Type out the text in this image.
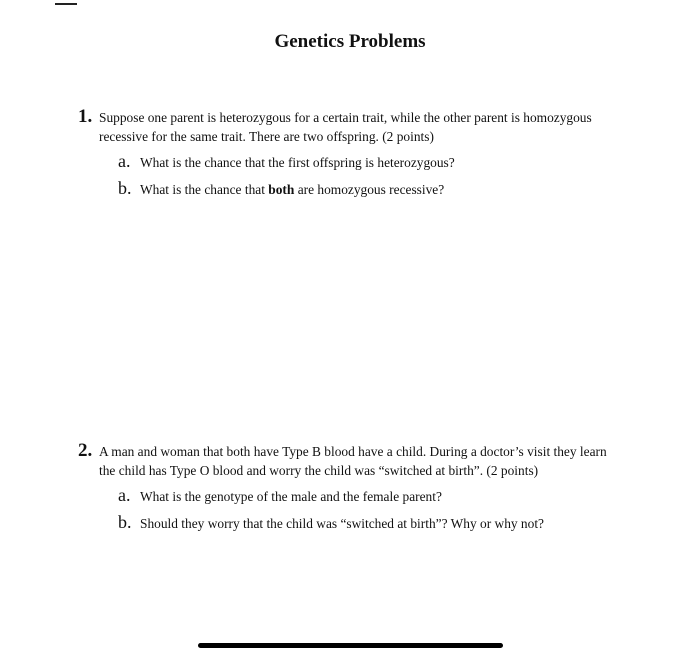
Genetics Problems
1. Suppose one parent is heterozygous for a certain trait, while the other parent is homozygous
recessive for the same trait. There are two offspring. (2 points)
a. What is the chance that the first offspring is heterozygous?
b. What is the chance that both are homozygous recessive?
2. A man and woman that both have Type B blood have a child. During a doctor’s visit they learn
the child has Type O blood and worry the child was “switched at birth”. (2 points)
a. What is the genotype of the male and the female parent?
b. Should they worry that the child was “switched at birth”? Why or why not?
